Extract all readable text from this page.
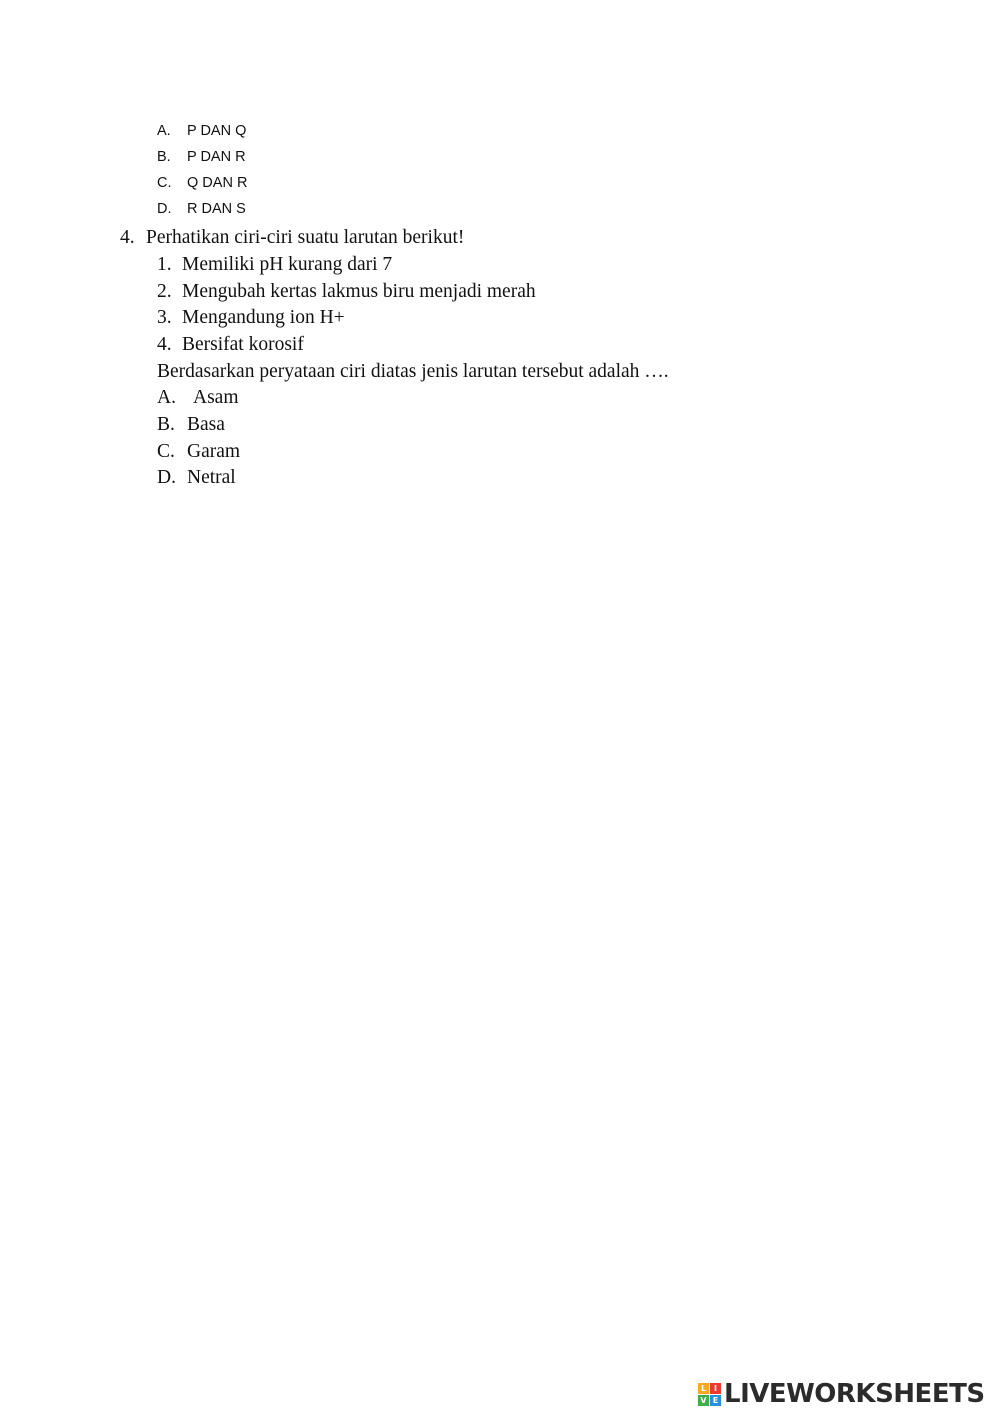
A. P DAN Q
B. P DAN R
C. Q DAN R
D. R DAN S
4. Perhatikan ciri-ciri suatu larutan berikut!
1. Memiliki pH kurang dari 7
2. Mengubah kertas lakmus biru menjadi merah
3. Mengandung ion H+
4. Bersifat korosif
Berdasarkan peryataan ciri diatas jenis larutan tersebut adalah ….
A. Asam
B. Basa
C. Garam
D. Netral
L I
V E LIVEWORKSHEETS
